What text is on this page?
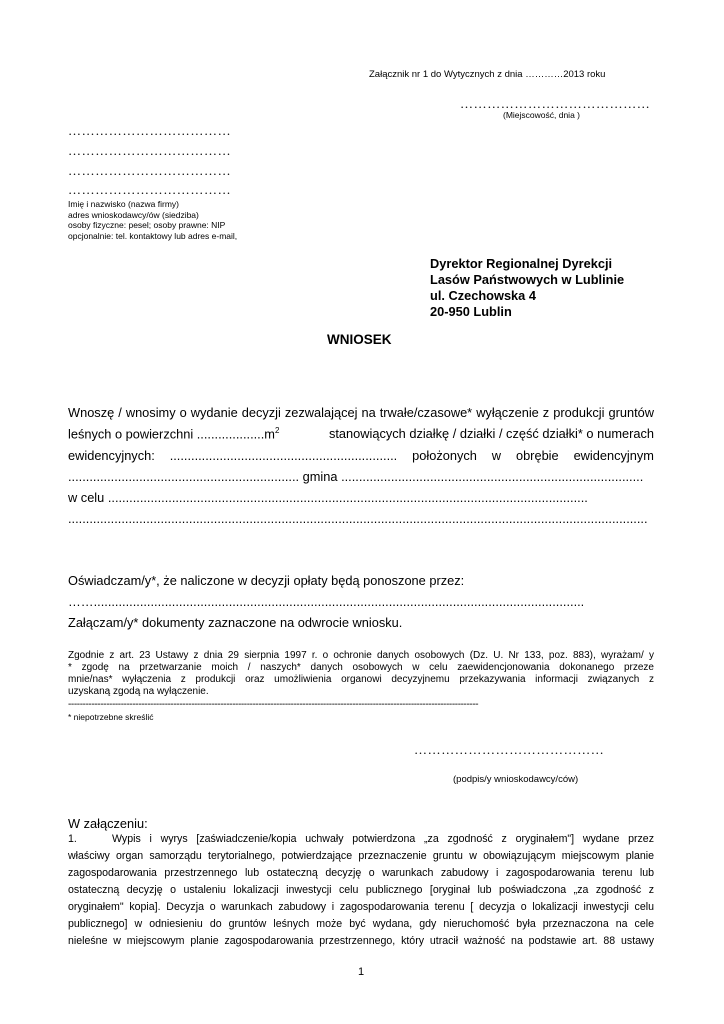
Załącznik nr 1 do Wytycznych z dnia …………2013 roku
……………………………………
(Miejscowość, dnia )
………………………………
………………………………
………………………………
………………………………
Imię i nazwisko (nazwa firmy)
adres wnioskodawcy/ów (siedziba)
osoby fizyczne: pesel; osoby prawne: NIP
opcjonalnie: tel. kontaktowy lub adres e-mail,
Dyrektor Regionalnej Dyrekcji
Lasów Państwowych w Lublinie
ul. Czechowska 4
20-950 Lublin
WNIOSEK
Wnoszę / wnosimy o wydanie decyzji zezwalającej na trwałe/czasowe* wyłączenie z produkcji gruntów
leśnych o powierzchni $...................m^2$	stanowiących działkę / działki / część działki* o numerach
ewidencyjnych: ................................................................ położonych w obrębie ewidencyjnym
................................................................. gmina .....................................................................................
w celu .......................................................................................................................................
...................................................................................................................................................................
Oświadczam/y*, że naliczone w decyzji opłaty będą ponoszone przez:
……..........................................................................................................................................
Załączam/y* dokumenty zaznaczone na odwrocie wniosku.
Zgodnie z art. 23 Ustawy z dnia 29 sierpnia 1997 r. o ochronie danych osobowych (Dz. U. Nr 133, poz. 883), wyrażam/ y
* zgodę na przetwarzanie moich / naszych* danych osobowych w celu zaewidencjonowania dokonanego przeze
mnie/nas* wyłączenia z produkcji oraz umożliwienia organowi decyzyjnemu przekazywania informacji związanych z
uzyskaną zgodą na wyłączenie.
--------------------------------------------------------------------------------------------------------------------------------------------
* niepotrzebne skreślić
……………………………………
(podpis/y wnioskodawcy/ców)
W załączeniu:
1.	Wypis i wyrys [zaświadczenie/kopia uchwały potwierdzona „za zgodność z oryginałem"] wydane przez
właściwy organ samorządu terytorialnego, potwierdzające przeznaczenie gruntu w obowiązującym miejscowym planie
zagospodarowania przestrzennego lub ostateczną decyzję o warunkach zabudowy i zagospodarowania terenu lub
ostateczną decyzję o ustaleniu lokalizacji inwestycji celu publicznego [oryginał lub poświadczona „za zgodność z
oryginałem" kopia]. Decyzja o warunkach zabudowy i zagospodarowania terenu [ decyzja o lokalizacji inwestycji celu
publicznego] w odniesieniu do gruntów leśnych może być wydana, gdy nieruchomość była przeznaczona na cele
nieleśne w miejscowym planie zagospodarowania przestrzennego, który utracił ważność na podstawie art. 88 ustawy
1
